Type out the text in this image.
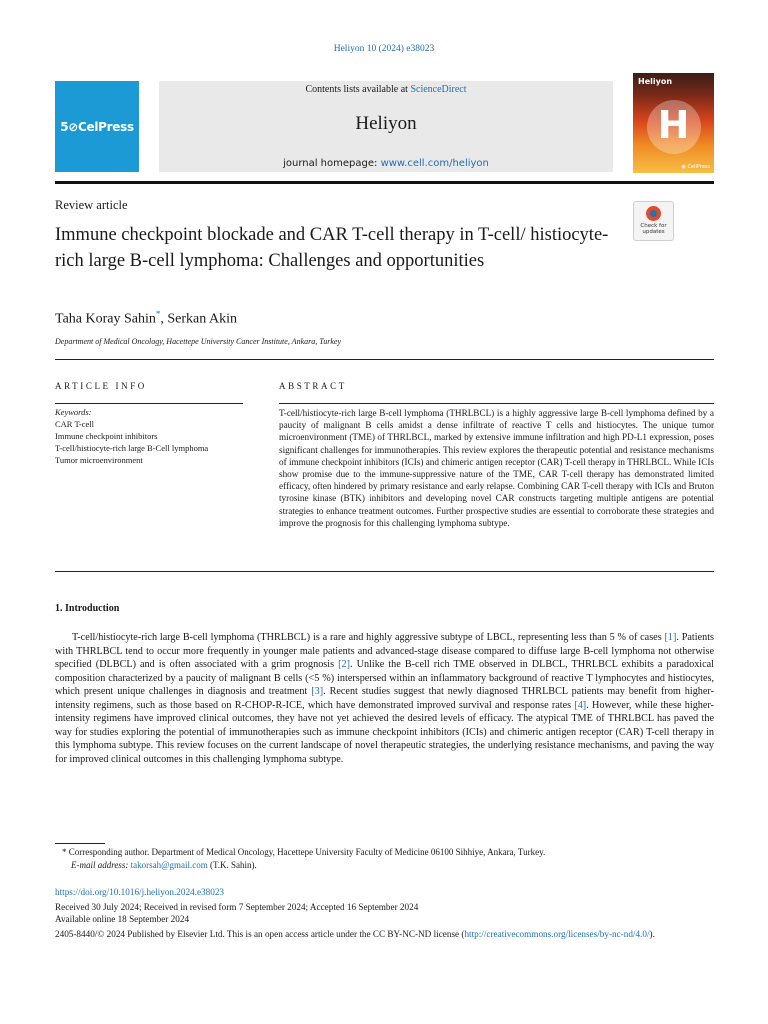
Heliyon 10 (2024) e38023
5⊘CelPress
Contents lists available at ScienceDirect
Heliyon
journal homepage: www.cell.com/heliyon
Heliyon
H
◉ CellPress
Review article
Check for updates
Immune checkpoint blockade and CAR T-cell therapy in T-cell/ histiocyte-rich large B-cell lymphoma: Challenges and opportunities
Taha Koray Sahin*, Serkan Akin
Department of Medical Oncology, Hacettepe University Cancer Institute, Ankara, Turkey
ARTICLE INFO	ABSTRACT
Keywords:
CAR T-cell
Immune checkpoint inhibitors
T-cell/histiocyte-rich large B-Cell lymphoma
Tumor microenvironment
T-cell/histiocyte-rich large B-cell lymphoma (THRLBCL) is a highly aggressive large B-cell lymphoma defined by a paucity of malignant B cells amidst a dense infiltrate of reactive T cells and histiocytes. The unique tumor microenvironment (TME) of THRLBCL, marked by extensive immune infiltration and high PD-L1 expression, poses significant challenges for immunotherapies. This review explores the therapeutic potential and resistance mechanisms of immune checkpoint inhibitors (ICIs) and chimeric antigen receptor (CAR) T-cell therapy in THRLBCL. While ICIs show promise due to the immune-suppressive nature of the TME, CAR T-cell therapy has demonstrated limited efficacy, often hindered by primary resistance and early relapse. Combining CAR T-cell therapy with ICIs and Bruton tyrosine kinase (BTK) inhibitors and developing novel CAR constructs targeting multiple antigens are potential strategies to enhance treatment outcomes. Further prospective studies are essential to corroborate these strategies and improve the prognosis for this challenging lymphoma subtype.
1. Introduction
T-cell/histiocyte-rich large B-cell lymphoma (THRLBCL) is a rare and highly aggressive subtype of LBCL, representing less than 5 % of cases [1]. Patients with THRLBCL tend to occur more frequently in younger male patients and advanced-stage disease compared to diffuse large B-cell lymphoma not otherwise specified (DLBCL) and is often associated with a grim prognosis [2]. Unlike the B-cell rich TME observed in DLBCL, THRLBCL exhibits a paradoxical composition characterized by a paucity of malignant B cells (<5 %) interspersed within an inflammatory background of reactive T lymphocytes and histiocytes, which present unique challenges in diagnosis and treatment [3]. Recent studies suggest that newly diagnosed THRLBCL patients may benefit from higher-intensity regimens, such as those based on R-CHOP-R-ICE, which have demonstrated improved survival and response rates [4]. However, while these higher-intensity regimens have improved clinical outcomes, they have not yet achieved the desired levels of efficacy. The atypical TME of THRLBCL has paved the way for studies exploring the potential of immunotherapies such as immune checkpoint inhibitors (ICIs) and chimeric antigen receptor (CAR) T-cell therapy in this lymphoma subtype. This review focuses on the current landscape of novel therapeutic strategies, the underlying resistance mechanisms, and paving the way for improved clinical outcomes in this challenging lymphoma subtype.
* Corresponding author. Department of Medical Oncology, Hacettepe University Faculty of Medicine 06100 Sihhiye, Ankara, Turkey.
E-mail address: takorsah@gmail.com (T.K. Sahin).
https://doi.org/10.1016/j.heliyon.2024.e38023
Received 30 July 2024; Received in revised form 7 September 2024; Accepted 16 September 2024
Available online 18 September 2024
2405-8440/© 2024 Published by Elsevier Ltd. This is an open access article under the CC BY-NC-ND license (http://creativecommons.org/licenses/by-nc-nd/4.0/).
